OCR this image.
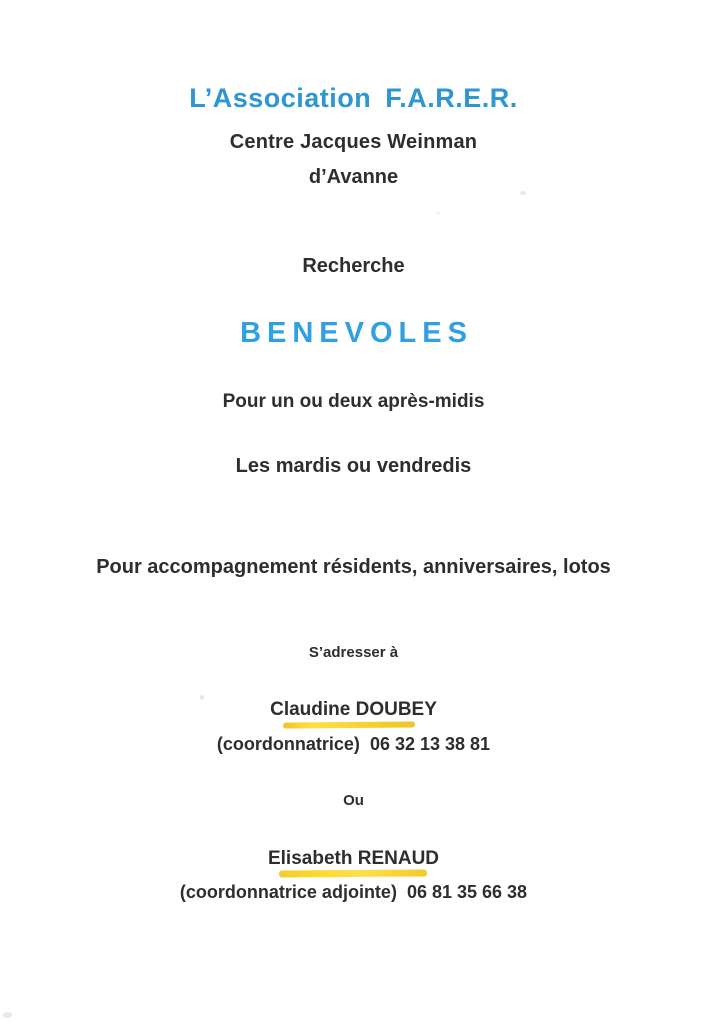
L’Association F.A.R.E.R.
Centre Jacques Weinman
d’Avanne
Recherche
BENEVOLES
Pour un ou deux après-midis
Les mardis ou vendredis
Pour accompagnement résidents, anniversaires, lotos
S’adresser à
Claudine DOUBEY
(coordonnatrice) 06 32 13 38 81
Ou
Elisabeth RENAUD
(coordonnatrice adjointe) 06 81 35 66 38
